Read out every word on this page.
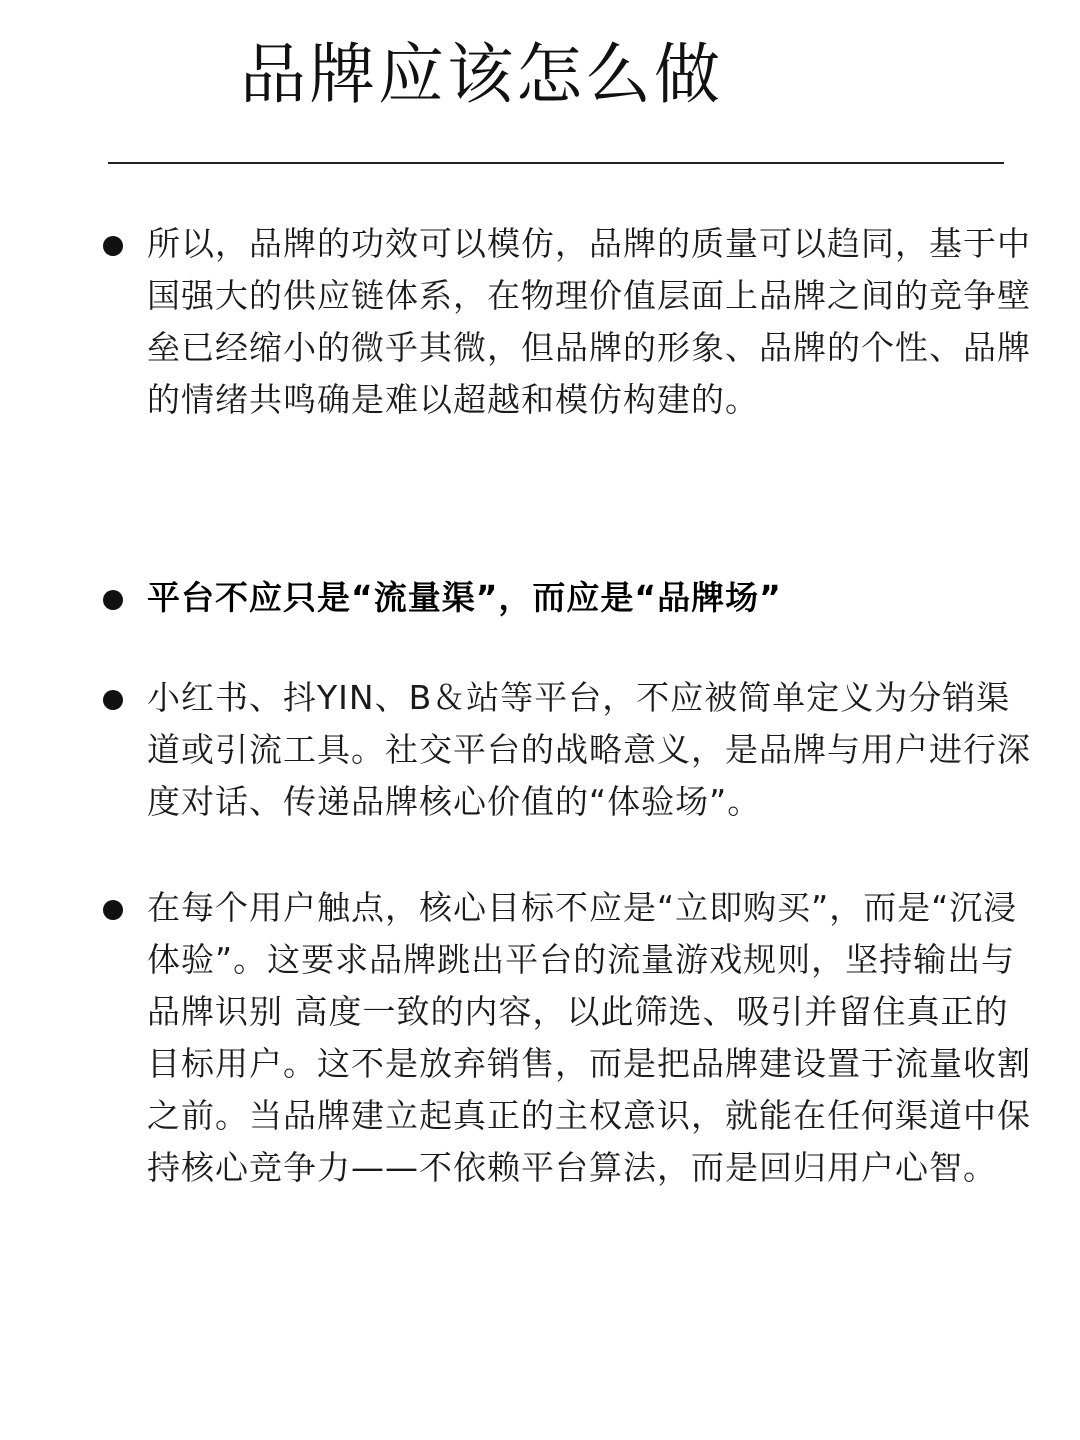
品牌应该怎么做

所以，品牌的功效可以模仿，品牌的质量可以趋同，基于中国强大的供应链体系，在物理价值层面上品牌之间的竞争壁垒已经缩小的微乎其微，但品牌的形象、品牌的个性、品牌的情绪共鸣确是难以超越和模仿构建的。

平台不应只是“流量渠”，而应是“品牌场”

小红书、抖YIN、B＆站等平台，不应被简单定义为分销渠道或引流工具。社交平台的战略意义，是品牌与用户进行深度对话、传递品牌核心价值的“体验场”。

在每个用户触点，核心目标不应是“立即购买”，而是“沉浸体验”。这要求品牌跳出平台的流量游戏规则，坚持输出与品牌识别 高度一致的内容，以此筛选、吸引并留住真正的目标用户。这不是放弃销售，而是把品牌建设置于流量收割之前。当品牌建立起真正的主权意识，就能在任何渠道中保持核心竞争力——不依赖平台算法，而是回归用户心智。
